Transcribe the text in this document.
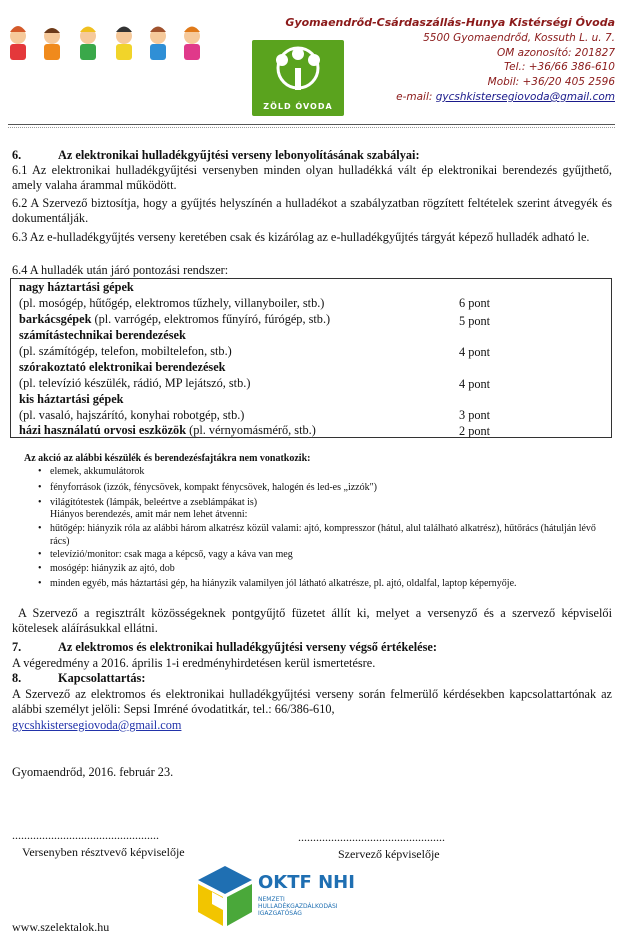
ZÖLD ÓVODA
Gyomaendrőd-Csárdaszállás-Hunya Kistérségi Óvoda
5500 Gyomaendrőd, Kossuth L. u. 7.
OM azonosító: 201827
Tel.: +36/66 386-610
Mobil: +36/20 405 2596
e-mail: gycshkistersegiovoda@gmail.com
6.	Az elektronikai hulladékgyűjtési verseny lebonyolításának szabályai:
6.1 Az elektronikai hulladékgyűjtési versenyben minden olyan hulladékká vált ép elektronikai berendezés gyűjthető, amely valaha árammal működött.
6.2 A Szervező biztosítja, hogy a gyűjtés helyszínén a hulladékot a szabályzatban rögzített feltételek szerint átvegyék és dokumentálják.
6.3 Az e-hulladékgyűjtés verseny keretében csak és kizárólag az e-hulladékgyűjtés tárgyát képező hulladék adható le.
6.4 A hulladék után járó pontozási rendszer:
nagy háztartási gépek
(pl. mosógép, hűtőgép, elektromos tűzhely, villanyboiler, stb.)	6 pont
barkácsgépek (pl. varrógép, elektromos fűnyíró, fúrógép, stb.)	5 pont
számítástechnikai berendezések
(pl. számítógép, telefon, mobiltelefon, stb.)	4 pont
szórakoztató elektronikai berendezések
(pl. televízió készülék, rádió, MP lejátszó, stb.)	4 pont
kis háztartási gépek
(pl. vasaló, hajszárító, konyhai robotgép, stb.)	3 pont
házi használatú orvosi eszközök (pl. vérnyomásmérő, stb.)	2 pont
Az akció az alábbi készülék és berendezésfajtákra nem vonatkozik:
• elemek, akkumulátorok
• fényforrások (izzók, fénycsövek, kompakt fénycsövek, halogén és led-es „izzók")
• világítótestek (lámpák, beleértve a zseblámpákat is)
Hiányos berendezés, amit már nem lehet átvenni:
• hűtőgép: hiányzik róla az alábbi három alkatrész közül valami: ajtó, kompresszor (hátul, alul található alkatrész), hűtőrács (hátulján lévő rács)
• televízió/monitor: csak maga a képcső, vagy a káva van meg
• mosógép: hiányzik az ajtó, dob
• minden egyéb, más háztartási gép, ha hiányzik valamilyen jól látható alkatrésze, pl. ajtó, oldalfal, laptop képernyője.
A Szervező a regisztrált közösségeknek pontgyűjtő füzetet állít ki, melyet a versenyző és a szervező képviselői kötelesek aláírásukkal ellátni.
7.	Az elektromos és elektronikai hulladékgyűjtési verseny végső értékelése:
A végeredmény a 2016. április 1-i eredményhirdetésen kerül ismertetésre.
8.	Kapcsolattartás:
A Szervező az elektromos és elektronikai hulladékgyűjtési verseny során felmerülő kérdésekben kapcsolattartónak az alábbi személyt jelöli: Sepsi Imréné óvodatitkár, tel.: 66/386-610,
gycshkistersegiovoda@gmail.com
Gyomaendrőd, 2016. február 23.
.................................................
Versenyben résztvevő képviselője
.................................................
Szervező képviselője
OKTF NHI
NEMZETI
HULLADÉKGAZDÁLKODÁSI
IGAZGATÓSÁG
www.szelektalok.hu
